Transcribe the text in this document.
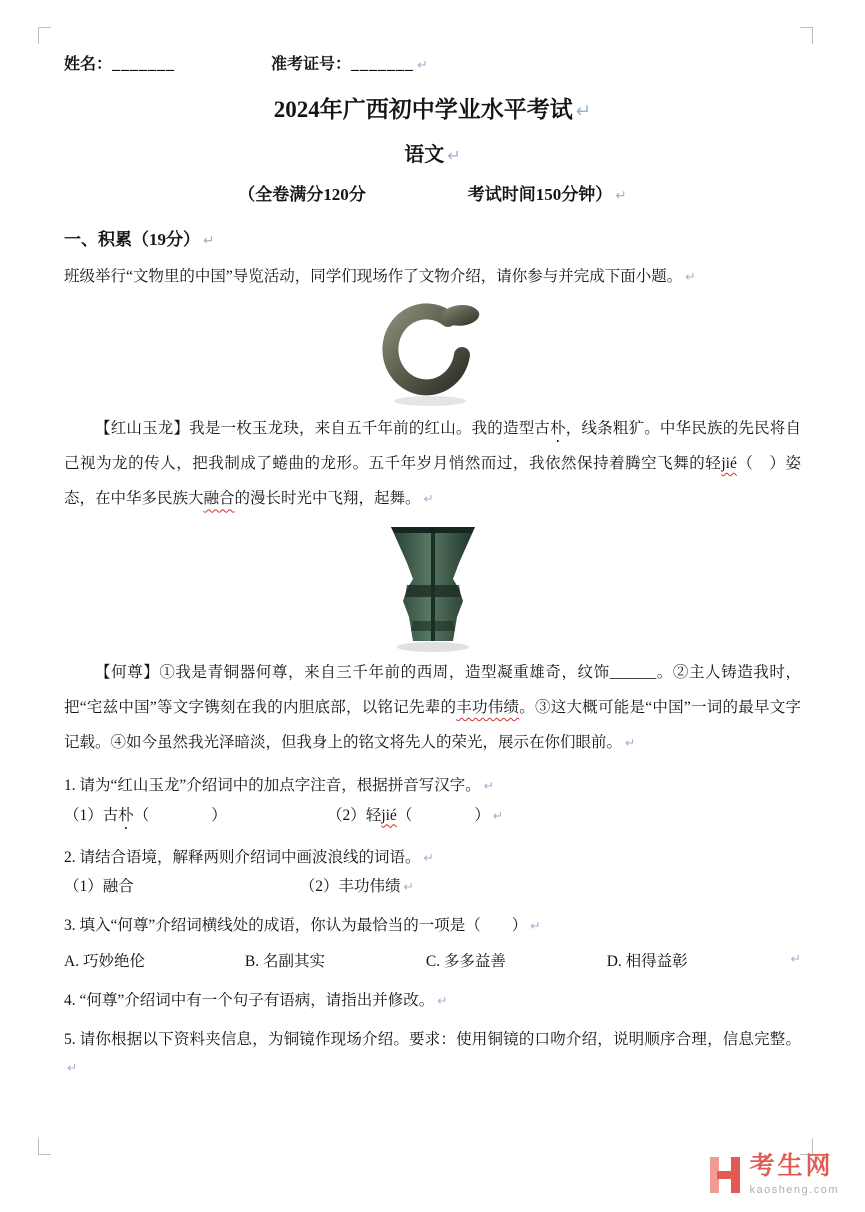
姓名： _______	准考证号： _______ ↵
2024年广西初中学业水平考试 ↵
语文 ↵
（全卷满分120分　　　　　　考试时间150分钟） ↵
一、积累（19分） ↵

班级举行“文物里的中国”导览活动，同学们现场作了文物介绍，请你参与并完成下面小题。 ↵

【红山玉龙】我是一枚玉龙玦，来自五千年前的红山。我的造型古朴，线条粗犷。中华民族的先民将自己视为龙的传人，把我制成了蜷曲的龙形。五千年岁月悄然而过，我依然保持着腾空飞舞的轻jié（　）姿态，在中华多民族大融合的漫长时光中飞翔，起舞。 ↵

【何尊】①我是青铜器何尊，来自三千年前的西周，造型凝重雄奇，纹饰______。②主人铸造我时，把“宅兹中国”等文字镌刻在我的内胆底部，以铭记先辈的丰功伟绩。③这大概可能是“中国”一词的最早文字记载。④如今虽然我光泽暗淡，但我身上的铭文将先人的荣光，展示在你们眼前。 ↵

1. 请为“红山玉龙”介绍词中的加点字注音，根据拼音写汉字。 ↵

（1）古朴（　　　　）	（2）轻jié（　　　　） ↵

2. 请结合语境，解释两则介绍词中画波浪线的词语。 ↵

（1）融合	（2）丰功伟绩 ↵

3. 填入“何尊”介绍词横线处的成语，你认为最恰当的一项是（　　） ↵

A. 巧妙绝伦	B. 名副其实	C. 多多益善	D. 相得益彰	↵

4. “何尊”介绍词中有一个句子有语病，请指出并修改。 ↵

5. 请你根据以下资料夹信息，为铜镜作现场介绍。要求：使用铜镜的口吻介绍，说明顺序合理，信息完整。↵

考生网
kaosheng.com
